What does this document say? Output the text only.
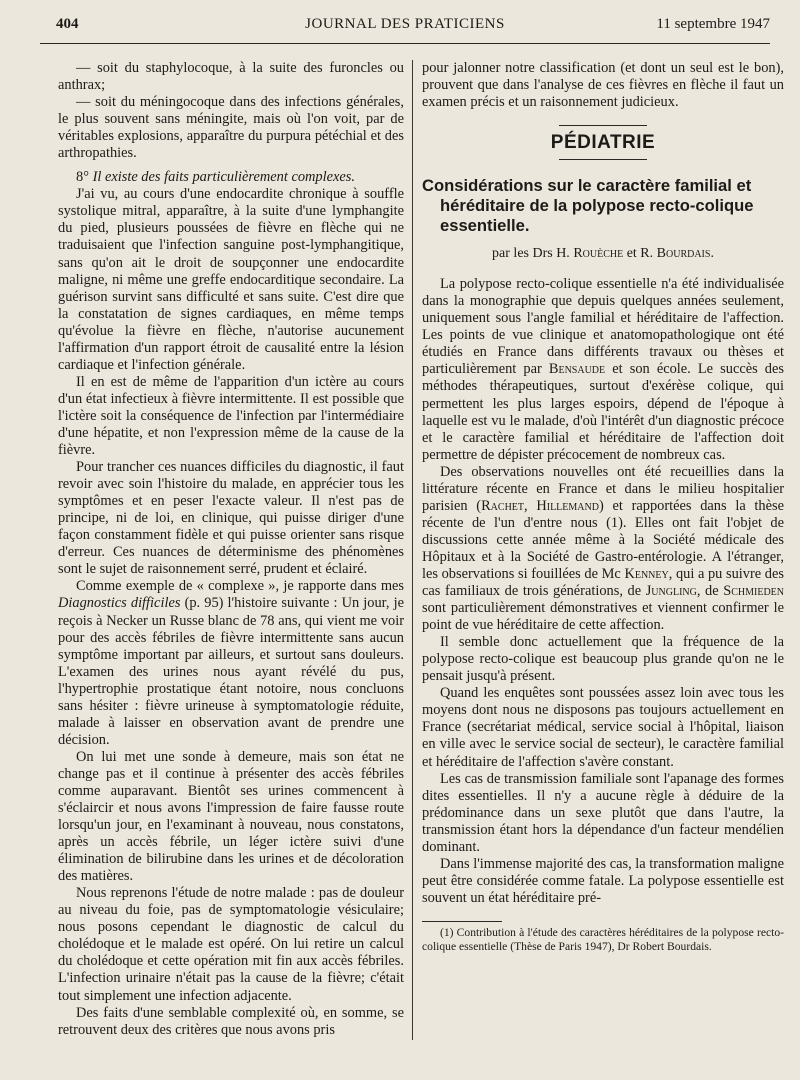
404	JOURNAL DES PRATICIENS	11 septembre 1947

— soit du staphylocoque, à la suite des furoncles ou anthrax;

— soit du méningocoque dans des infections générales, le plus souvent sans méningite, mais où l'on voit, par de véritables explosions, apparaître du purpura pétéchial et des arthropathies.

8° Il existe des faits particulièrement complexes.

J'ai vu, au cours d'une endocardite chronique à souffle systolique mitral, apparaître, à la suite d'une lymphangite du pied, plusieurs poussées de fièvre en flèche qui ne traduisaient que l'infection sanguine post-lymphangitique, sans qu'on ait le droit de soupçonner une endocardite maligne, ni même une greffe endocarditique secondaire. La guérison survint sans difficulté et sans suite. C'est dire que la constatation de signes cardiaques, en même temps qu'évolue la fièvre en flèche, n'autorise aucunement l'affirmation d'un rapport étroit de causalité entre la lésion cardiaque et l'infection générale.

Il en est de même de l'apparition d'un ictère au cours d'un état infectieux à fièvre intermittente. Il est possible que l'ictère soit la conséquence de l'infection par l'intermédiaire d'une hépatite, et non l'expression même de la cause de la fièvre.

Pour trancher ces nuances difficiles du diagnostic, il faut revoir avec soin l'histoire du malade, en apprécier tous les symptômes et en peser l'exacte valeur. Il n'est pas de principe, ni de loi, en clinique, qui puisse diriger d'une façon constamment fidèle et qui puisse orienter sans risque d'erreur. Ces nuances de déterminisme des phénomènes sont le sujet de raisonnement serré, prudent et éclairé.

Comme exemple de « complexe », je rapporte dans mes Diagnostics difficiles (p. 95) l'histoire suivante : Un jour, je reçois à Necker un Russe blanc de 78 ans, qui vient me voir pour des accès fébriles de fièvre intermittente sans aucun symptôme important par ailleurs, et surtout sans douleurs. L'examen des urines nous ayant révélé du pus, l'hypertrophie prostatique étant notoire, nous concluons sans hésiter : fièvre urineuse à symptomatologie réduite, malade à laisser en observation avant de prendre une décision.

On lui met une sonde à demeure, mais son état ne change pas et il continue à présenter des accès fébriles comme auparavant. Bientôt ses urines commencent à s'éclaircir et nous avons l'impression de faire fausse route lorsqu'un jour, en l'examinant à nouveau, nous constatons, après un accès fébrile, un léger ictère suivi d'une élimination de bilirubine dans les urines et de décoloration des matières.

Nous reprenons l'étude de notre malade : pas de douleur au niveau du foie, pas de symptomatologie vésiculaire; nous posons cependant le diagnostic de calcul du cholédoque et le malade est opéré. On lui retire un calcul du cholédoque et cette opération mit fin aux accès fébriles. L'infection urinaire n'était pas la cause de la fièvre; c'était tout simplement une infection adjacente.

Des faits d'une semblable complexité où, en somme, se retrouvent deux des critères que nous avons pris

pour jalonner notre classification (et dont un seul est le bon), prouvent que dans l'analyse de ces fièvres en flèche il faut un examen précis et un raisonnement judicieux.

PÉDIATRIE

Considérations sur le caractère familial et héréditaire de la polypose recto-colique essentielle.

par les Drs H. Rouèche et R. Bourdais.

La polypose recto-colique essentielle n'a été individualisée dans la monographie que depuis quelques années seulement, uniquement sous l'angle familial et héréditaire de l'affection. Les points de vue clinique et anatomopathologique ont été étudiés en France dans différents travaux ou thèses et particulièrement par Bensaude et son école. Le succès des méthodes thérapeutiques, surtout d'exérèse colique, qui permettent les plus larges espoirs, dépend de l'époque à laquelle est vu le malade, d'où l'intérêt d'un diagnostic précoce et le caractère familial et héréditaire de l'affection doit permettre de dépister précocement de nombreux cas.

Des observations nouvelles ont été recueillies dans la littérature récente en France et dans le milieu hospitalier parisien (Rachet, Hillemand) et rapportées dans la thèse récente de l'un d'entre nous (1). Elles ont fait l'objet de discussions cette année même à la Société médicale des Hôpitaux et à la Société de Gastro-entérologie. A l'étranger, les observations si fouillées de Mc Kenney, qui a pu suivre des cas familiaux de trois générations, de Jungling, de Schmieden sont particulièrement démonstratives et viennent confirmer le point de vue héréditaire de cette affection.

Il semble donc actuellement que la fréquence de la polypose recto-colique est beaucoup plus grande qu'on ne le pensait jusqu'à présent.

Quand les enquêtes sont poussées assez loin avec tous les moyens dont nous ne disposons pas toujours actuellement en France (secrétariat médical, service social à l'hôpital, liaison en ville avec le service social de secteur), le caractère familial et héréditaire de l'affection s'avère constant.

Les cas de transmission familiale sont l'apanage des formes dites essentielles. Il n'y a aucune règle à déduire de la prédominance dans un sexe plutôt que dans l'autre, la transmission étant hors la dépendance d'un facteur mendélien dominant.

Dans l'immense majorité des cas, la transformation maligne peut être considérée comme fatale. La polypose essentielle est souvent un état héréditaire pré-

(1) Contribution à l'étude des caractères héréditaires de la polypose recto-colique essentielle (Thèse de Paris 1947), Dr Robert Bourdais.
